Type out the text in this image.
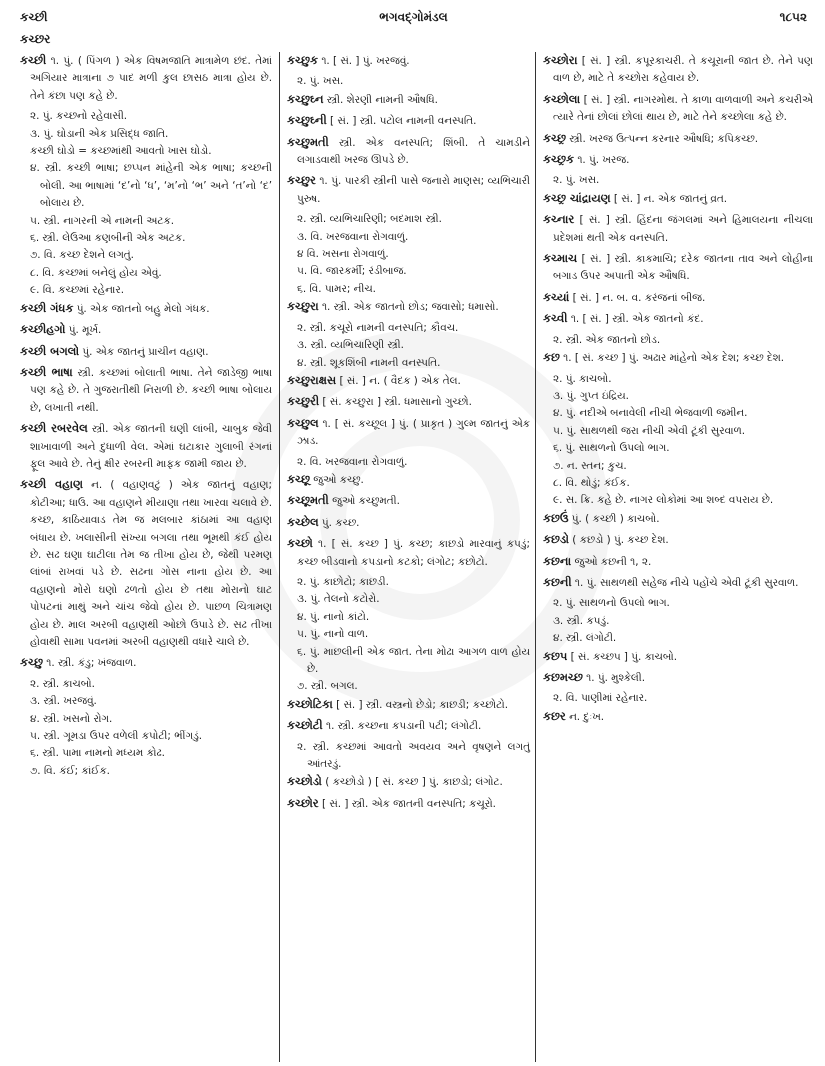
કચ્છી	ભગવદ્ગોમંડલ	૧૮૫૨
કચ્છર

કચ્છી ૧. પું. ( પિંગળ ) એક વિષમજાતિ માત્રામેળ છંદ. તેમાં અગિયાર માત્રાના ૭ પાદ મળી કુલ છાસઠ માત્રા હોય છે. તેને કંછા પણ કહે છે.

૨. પું. કચ્છનો રહેવાસી.

૩. પું. ઘોડાની એક પ્રસિદ્ધ જાતિ.

કચ્છી ઘોડો = કચ્છમાંથી આવતો ખાસ ઘોડો.

૪. સ્ત્રી. કચ્છી ભાષા; છપ્પન માંહેની એક ભાષા; કચ્છની બોલી. આ ભાષામાં ‘દ’નો ‘ધ’, ‘મ’નો ‘ભ’ અને ‘ત’નો ‘દ’ બોલાય છે.

૫. સ્ત્રી. નાગરની એ નામની અટક.

૬. સ્ત્રી. લેઉઆ કણબીની એક અટક.

૭. વિ. કચ્છ દેશને લગતું.

૮. વિ. કચ્છમાં બનેલું હોય એવું.

૯. વિ. કચ્છમાં રહેનાર.

કચ્છી ગંધક પું. એક જાતનો બહુ મેલો ગંધક.

કચ્છીહગો પું. મૂર્ખ.

કચ્છી બગલો પું. એક જાતનું પ્રાચીન વહાણ.

કચ્છી ભાષા સ્ત્રી. કચ્છમાં બોલાતી ભાષા. તેને જાડેજી ભાષા પણ કહે છે. તે ગુજરાતીથી નિરાળી છે. કચ્છી ભાષા બોલાય છે, લખાતી નથી.

કચ્છી રબરવેલ સ્ત્રી. એક જાતની ઘણી લાંબી, ચાબુક જેવી શાખાવાળી અને દુધાળી વેલ. એમાં ઘટાકાર ગુલાબી રંગનાં ફૂલ આવે છે. તેનું ક્ષીર રબરની માફક જામી જાય છે.

કચ્છી વહાણ ન. ( વહાણવટું ) એક જાતનું વહાણ; કોટીઆ; ધાઉ. આ વહાણને મીયાણા તથા ખારવા ચલાવે છે. કચ્છ, કાઠિયાવાડ તેમ જ મલબાર કાંઠામાં આ વહાણ બંધાય છે. ખલાસીની સંખ્યા બગલા તથા ભૂમથી કંઈ હોય છે. સઢ ઘણા ઘાટીલા તેમ જ તીખા હોય છે, જેથી પરમણ લાંબાં રાખવાં પડે છે. સઢના ગોસ નાના હોય છે. આ વહાણનો મોરો ઘણો ઢળતો હોય છે તથા મોરાનો ઘાટ પોપટનાં માથું અને ચાંચ જેવો હોય છે. પાછળ ચિત્રામણ હોય છે. માલ અરબી વહાણથી ઓછો ઉપાડે છે. સઢ તીખા હોવાથી સામા પવનમાં અરબી વહાણથી વધારે ચાલે છે.

કચ્છુ ૧. સ્ત્રી. કંડુ; ખંજવાળ.

૨. સ્ત્રી. કાચબો.

૩. સ્ત્રી. ખરજવું.

૪. સ્ત્રી. ખસનો રોગ.

૫. સ્ત્રી. ગૂમડા ઉપર વળેલી કપોટી; ભીંગડું.

૬. સ્ત્રી. પામા નામનો મધ્યમ કોઢ.

૭. વિ. કંઈ; કાંઈક.

કચ્છુક ૧. [ સં. ] પું. ખરજવું.

૨. પું. ખસ.

કચ્છુઘ્ન સ્ત્રી. શેરણી નામની ઔષધિ.

કચ્છુઘ્ની [ સં. ] સ્ત્રી. પટોલ નામની વનસ્પતિ.

કચ્છુમતી સ્ત્રી. એક વનસ્પતિ; શિંબી. તે ચામડીને લગાડવાથી ખરજ ઊપડે છે.

કચ્છુર ૧. પું. પારકી સ્ત્રીની પાસે જનારો માણસ; વ્યભિચારી પુરુષ.

૨. સ્ત્રી. વ્યભિચારિણી; બદમાશ સ્ત્રી.

૩. વિ. ખરજવાના રોગવાળું.

૪ વિ. ખસના રોગવાળું.

૫. વિ. જારકર્મી; રંડીબાજ.

૬. વિ. પામર; નીચ.

કચ્છુરા ૧. સ્ત્રી. એક જાતનો છોડ; જવાસો; ધમાસો.

૨. સ્ત્રી. કચૂરો નામની વનસ્પતિ; કૌવચ.

૩. સ્ત્રી. વ્યભિચારિણી સ્ત્રી.

૪. સ્ત્રી. શૂકશિંબી નામની વનસ્પતિ.

કચ્છુરાક્ષસ [ સં. ] ન. ( વૈદક ) એક તેલ.

કચ્છુરી [ સં. કચ્છુરા ] સ્ત્રી. ધમાસાનો ગુચ્છો.

કચ્છુલ ૧. [ સં. કચ્છૂલ ] પું. ( પ્રાકૃત ) ગુલ્મ જાતનું એક ઝાડ.

૨. વિ. ખરજવાના રોગવાળું.

કચ્છૂ જુઓ કચ્છુ.

કચ્છૂમતી જુઓ કચ્છુમતી.

કચ્છેલ પું. કચ્છ.

કચ્છો ૧. [ સં. કચ્છ ] પું. કચ્છ; કાછડો મારવાનું કપડું; કચ્છ બીડવાનો કપડાનો કટકો; લંગોટ; કછોટો.

૨. પું. કાછોટો; કાછડી.

૩. પું. તેલનો કટોરો.

૪. પું. નાનો કાંટો.

૫. પું. નાનો વાળ.

૬. પું. માછલીની એક જાત. તેના મોઢા આગળ વાળ હોય છે.

૭. સ્ત્રી. બગલ.

કચ્છોટિકા [ સં. ] સ્ત્રી. વસ્ત્રનો છેડો; કાછડી; કચ્છોટો.

કચ્છોટી ૧. સ્ત્રી. કચ્છના કપડાની પટી; લંગોટી.

૨. સ્ત્રી. કચ્છમાં આવતો અવયવ અને વૃષણને લગતું આંતરડું.

કચ્છોડો ( કચ્છોડો ) [ સં. કચ્છ ] પું. કાછડો; લંગોટ.

કચ્છોર [ સં. ] સ્ત્રી. એક જાતની વનસ્પતિ; કચૂરો.

કચ્છોરા [ સં. ] સ્ત્રી. કપૂરકાચરી. તે કચૂરાની જાત છે. તેને પણ વાળ છે, માટે તે કચ્છોરા કહેવાય છે.

કચ્છોલા [ સં. ] સ્ત્રી. નાગરમોથ. તે કાળા વાળવાળી અને કચરીએ ત્યારે તેનાં છોલાં છોલાં થાય છે, માટે તેને કચ્છોલા કહે છે.

કચ્છ્ર સ્ત્રી. ખરજ ઉત્પન્ન કરનાર ઔષધિ; કપિકચ્છ.

કચ્છ્રક ૧. પું. ખરજ.

૨. પું. ખસ.

કચ્છ્ર ચાંદ્રાયણ [ સં. ] ન. એક જાતનું વ્રત.

કચ્નાર [ સં. ] સ્ત્રી. હિંદના જંગલમાં અને હિમાલયના નીચલા પ્રદેશમાં થતી એક વનસ્પતિ.

કચ્માચ [ સં. ] સ્ત્રી. કાકમાચિ; દરેક જાતના તાવ અને લોહીના બગાડ ઉપર અપાતી એક ઔષધિ.

કચ્યાં [ સં. ] ન. બ. વ. કરંજનાં બીજ.

કચ્વી ૧. [ સં. ] સ્ત્રી. એક જાતનો કંદ.

૨. સ્ત્રી. એક જાતનો છોડ.

કછ ૧. [ સં. કચ્છ ] પું. અઢાર માંહેનો એક દેશ; કચ્છ દેશ.

૨. પું. કાચબો.

૩. પું. ગુપ્ત ઇંદ્રિય.

૪. પું. નદીએ બનાવેલી નીચી ભેજવાળી જમીન.

૫. પું. સાથળથી જરા નીચી એવી ટૂંકી સુરવાળ.

૬. પું. સાથળનો ઉપલો ભાગ.

૭. ન. સ્તન; કુચ.

૮. વિ. થોડું; કંઈક.

૯. સ. ક્રિ. કહે છે. નાગર લોકોમાં આ શબ્દ વપરાય છે.

કછઉં પું. ( કચ્છી ) કાચબો.

કછડો ( કછડો ) પું. કચ્છ દેશ.

કછના જુઓ કછની ૧, ૨.

કછની ૧. પું. સાથળથી સહેજ નીચે પહોંચે એવી ટૂંકી સુરવાળ.

૨. પું. સાથળનો ઉપલો ભાગ.

૩. સ્ત્રી. કપડું.

૪. સ્ત્રી. લંગોટી.

કછપ [ સં. કચ્છપ ] પું. કાચબો.

કછમચ્છ ૧. પું. મુશ્કેલી.

૨. વિ. પાણીમાં રહેનાર.

કછર ન. દુઃખ.
